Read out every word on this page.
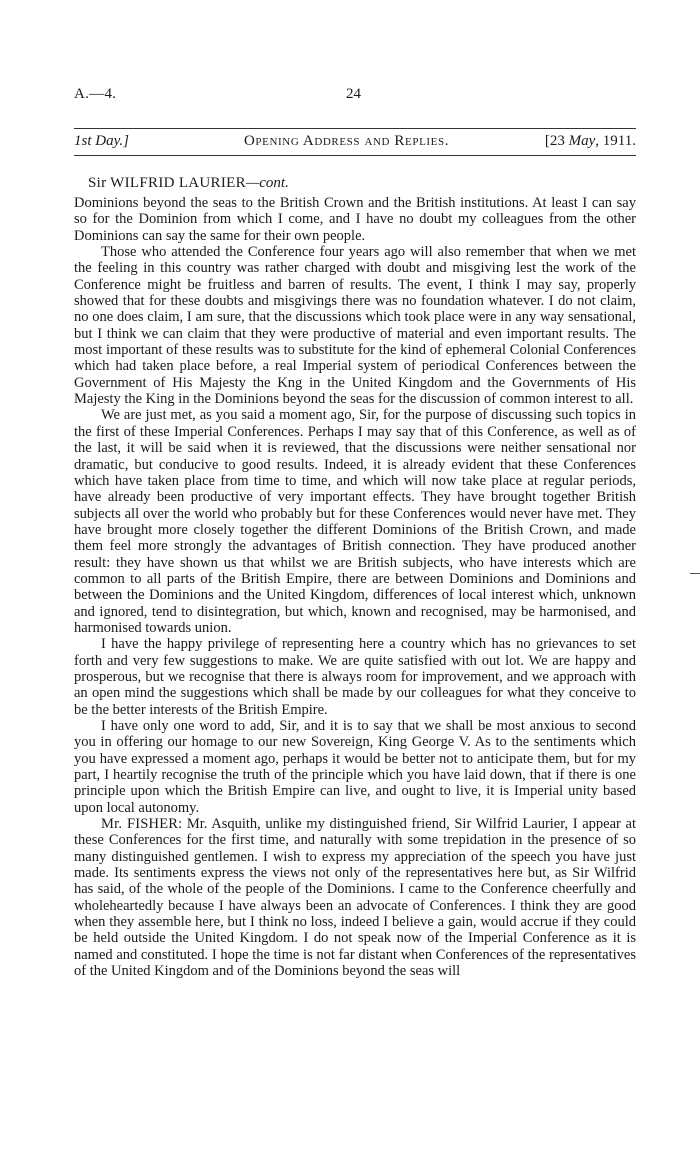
A.—4.	24
1st Day.]	Opening Address and Replies.	[23 May, 1911.
Sir WILFRID LAURIER—cont.

Dominions beyond the seas to the British Crown and the British institutions. At least I can say so for the Dominion from which I come, and I have no doubt my colleagues from the other Dominions can say the same for their own people.

Those who attended the Conference four years ago will also remember that when we met the feeling in this country was rather charged with doubt and misgiving lest the work of the Conference might be fruitless and barren of results. The event, I think I may say, properly showed that for these doubts and misgivings there was no foundation whatever. I do not claim, no one does claim, I am sure, that the discussions which took place were in any way sensational, but I think we can claim that they were productive of material and even important results. The most important of these results was to substitute for the kind of ephemeral Colonial Conferences which had taken place before, a real Imperial system of periodical Conferences between the Government of His Majesty the Kng in the United Kingdom and the Governments of His Majesty the King in the Dominions beyond the seas for the discussion of common interest to all.

We are just met, as you said a moment ago, Sir, for the purpose of discussing such topics in the first of these Imperial Conferences. Perhaps I may say that of this Conference, as well as of the last, it will be said when it is reviewed, that the discussions were neither sensational nor dramatic, but conducive to good results. Indeed, it is already evident that these Conferences which have taken place from time to time, and which will now take place at regular periods, have already been productive of very important effects. They have brought together British subjects all over the world who probably but for these Conferences would never have met. They have brought more closely together the different Dominions of the British Crown, and made them feel more strongly the advantages of British connection. They have produced another result: they have shown us that whilst we are British subjects, who have interests which are common to all parts of the British Empire, there are between Dominions and Dominions and between the Dominions and the United Kingdom, differences of local interest which, unknown and ignored, tend to disintegration, but which, known and recognised, may be harmonised, and harmonised towards union.

I have the happy privilege of representing here a country which has no grievances to set forth and very few suggestions to make. We are quite satisfied with out lot. We are happy and prosperous, but we recognise that there is always room for improvement, and we approach with an open mind the suggestions which shall be made by our colleagues for what they conceive to be the better interests of the British Empire.

I have only one word to add, Sir, and it is to say that we shall be most anxious to second you in offering our homage to our new Sovereign, King George V. As to the sentiments which you have expressed a moment ago, perhaps it would be better not to anticipate them, but for my part, I heartily recognise the truth of the principle which you have laid down, that if there is one principle upon which the British Empire can live, and ought to live, it is Imperial unity based upon local autonomy.

Mr. FISHER: Mr. Asquith, unlike my distinguished friend, Sir Wilfrid Laurier, I appear at these Conferences for the first time, and naturally with some trepidation in the presence of so many distinguished gentlemen. I wish to express my appreciation of the speech you have just made. Its sentiments express the views not only of the representatives here but, as Sir Wilfrid has said, of the whole of the people of the Dominions. I came to the Conference cheerfully and wholeheartedly because I have always been an advocate of Conferences. I think they are good when they assemble here, but I think no loss, indeed I believe a gain, would accrue if they could be held outside the United Kingdom. I do not speak now of the Imperial Conference as it is named and constituted. I hope the time is not far distant when Conferences of the representatives of the United Kingdom and of the Dominions beyond the seas will
